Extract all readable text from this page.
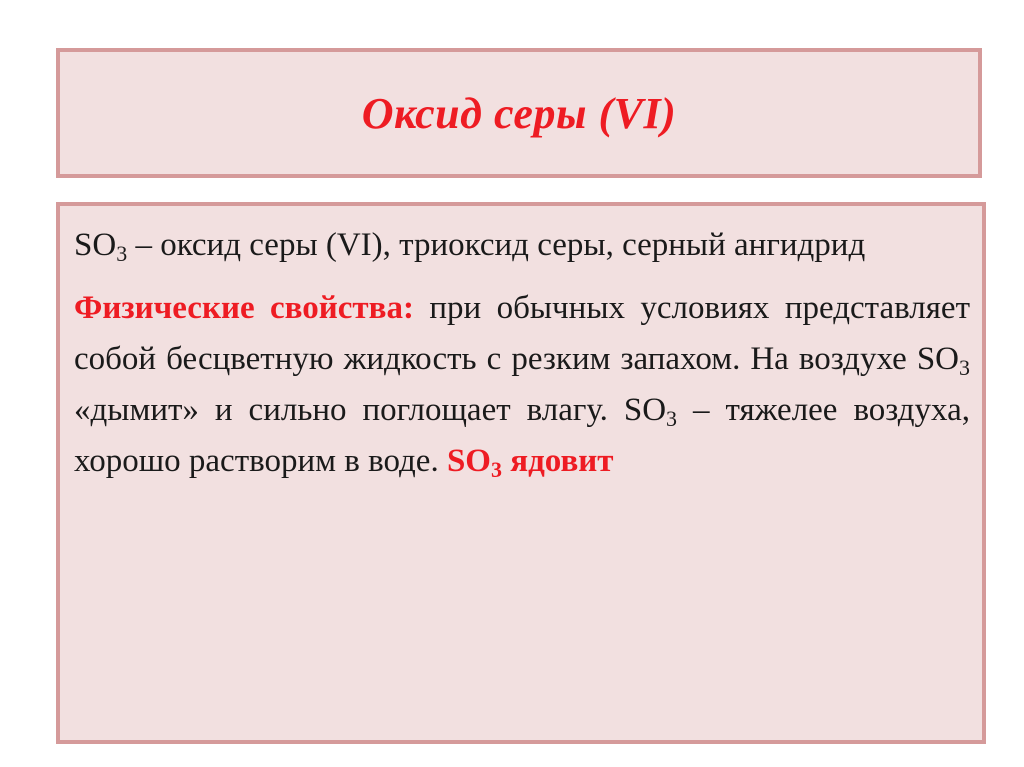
Оксид серы (VI)

$SO_3$ – оксид серы (VI), триоксид серы, серный ангидрид

Физические свойства: при обычных условиях представляет собой бесцветную жидкость с резким запахом. На воздухе $SO_3$ «дымит» и сильно поглощает влагу. $SO_3$ – тяжелее воздуха, хорошо растворим в воде. $SO_3$ ядовит
